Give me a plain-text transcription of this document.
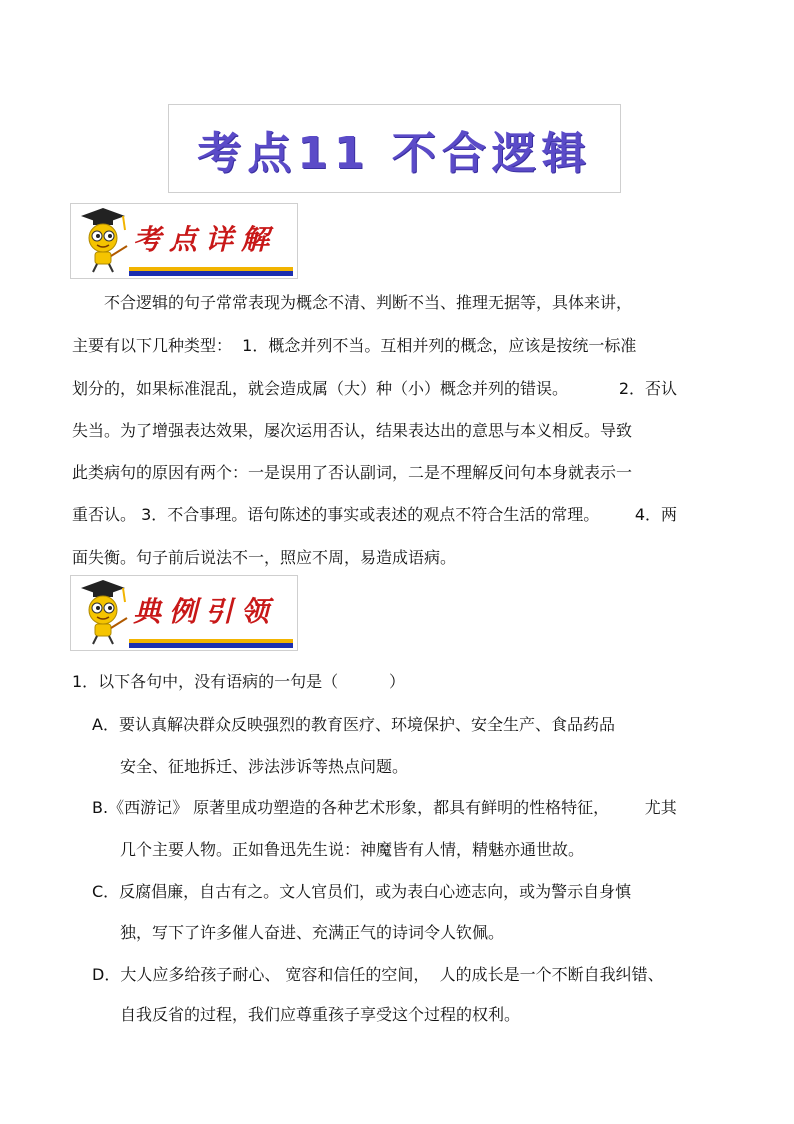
考点11 不合逻辑
考点详解
不合逻辑的句子常常表现为概念不清、判断不当、推理无据等，具体来讲，
主要有以下几种类型：  1．概念并列不当。互相并列的概念，应该是按统一标准
划分的，如果标准混乱，就会造成属（大）种（小）概念并列的错误。          2．否认
失当。为了增强表达效果，屡次运用否认，结果表达出的意思与本义相反。导致
此类病句的原因有两个：一是误用了否认副词，二是不理解反问句本身就表示一
重否认。 3．不合事理。语句陈述的事实或表述的观点不符合生活的常理。       4．两
面失衡。句子前后说法不一，照应不周，易造成语病。
典例引领
1．以下各句中，没有语病的一句是（          ）
A．要认真解决群众反映强烈的教育医疗、环境保护、安全生产、食品药品
安全、征地拆迁、涉法涉诉等热点问题。
B.《西游记》 原著里成功塑造的各种艺术形象，都具有鲜明的性格特征，       尤其
几个主要人物。正如鲁迅先生说：神魔皆有人情，精魅亦通世故。
C．反腐倡廉，自古有之。文人官员们，或为表白心迹志向，或为警示自身慎
独，写下了许多催人奋进、充满正气的诗词令人钦佩。
D．大人应多给孩子耐心、 宽容和信任的空间，  人的成长是一个不断自我纠错、
自我反省的过程，我们应尊重孩子享受这个过程的权利。
